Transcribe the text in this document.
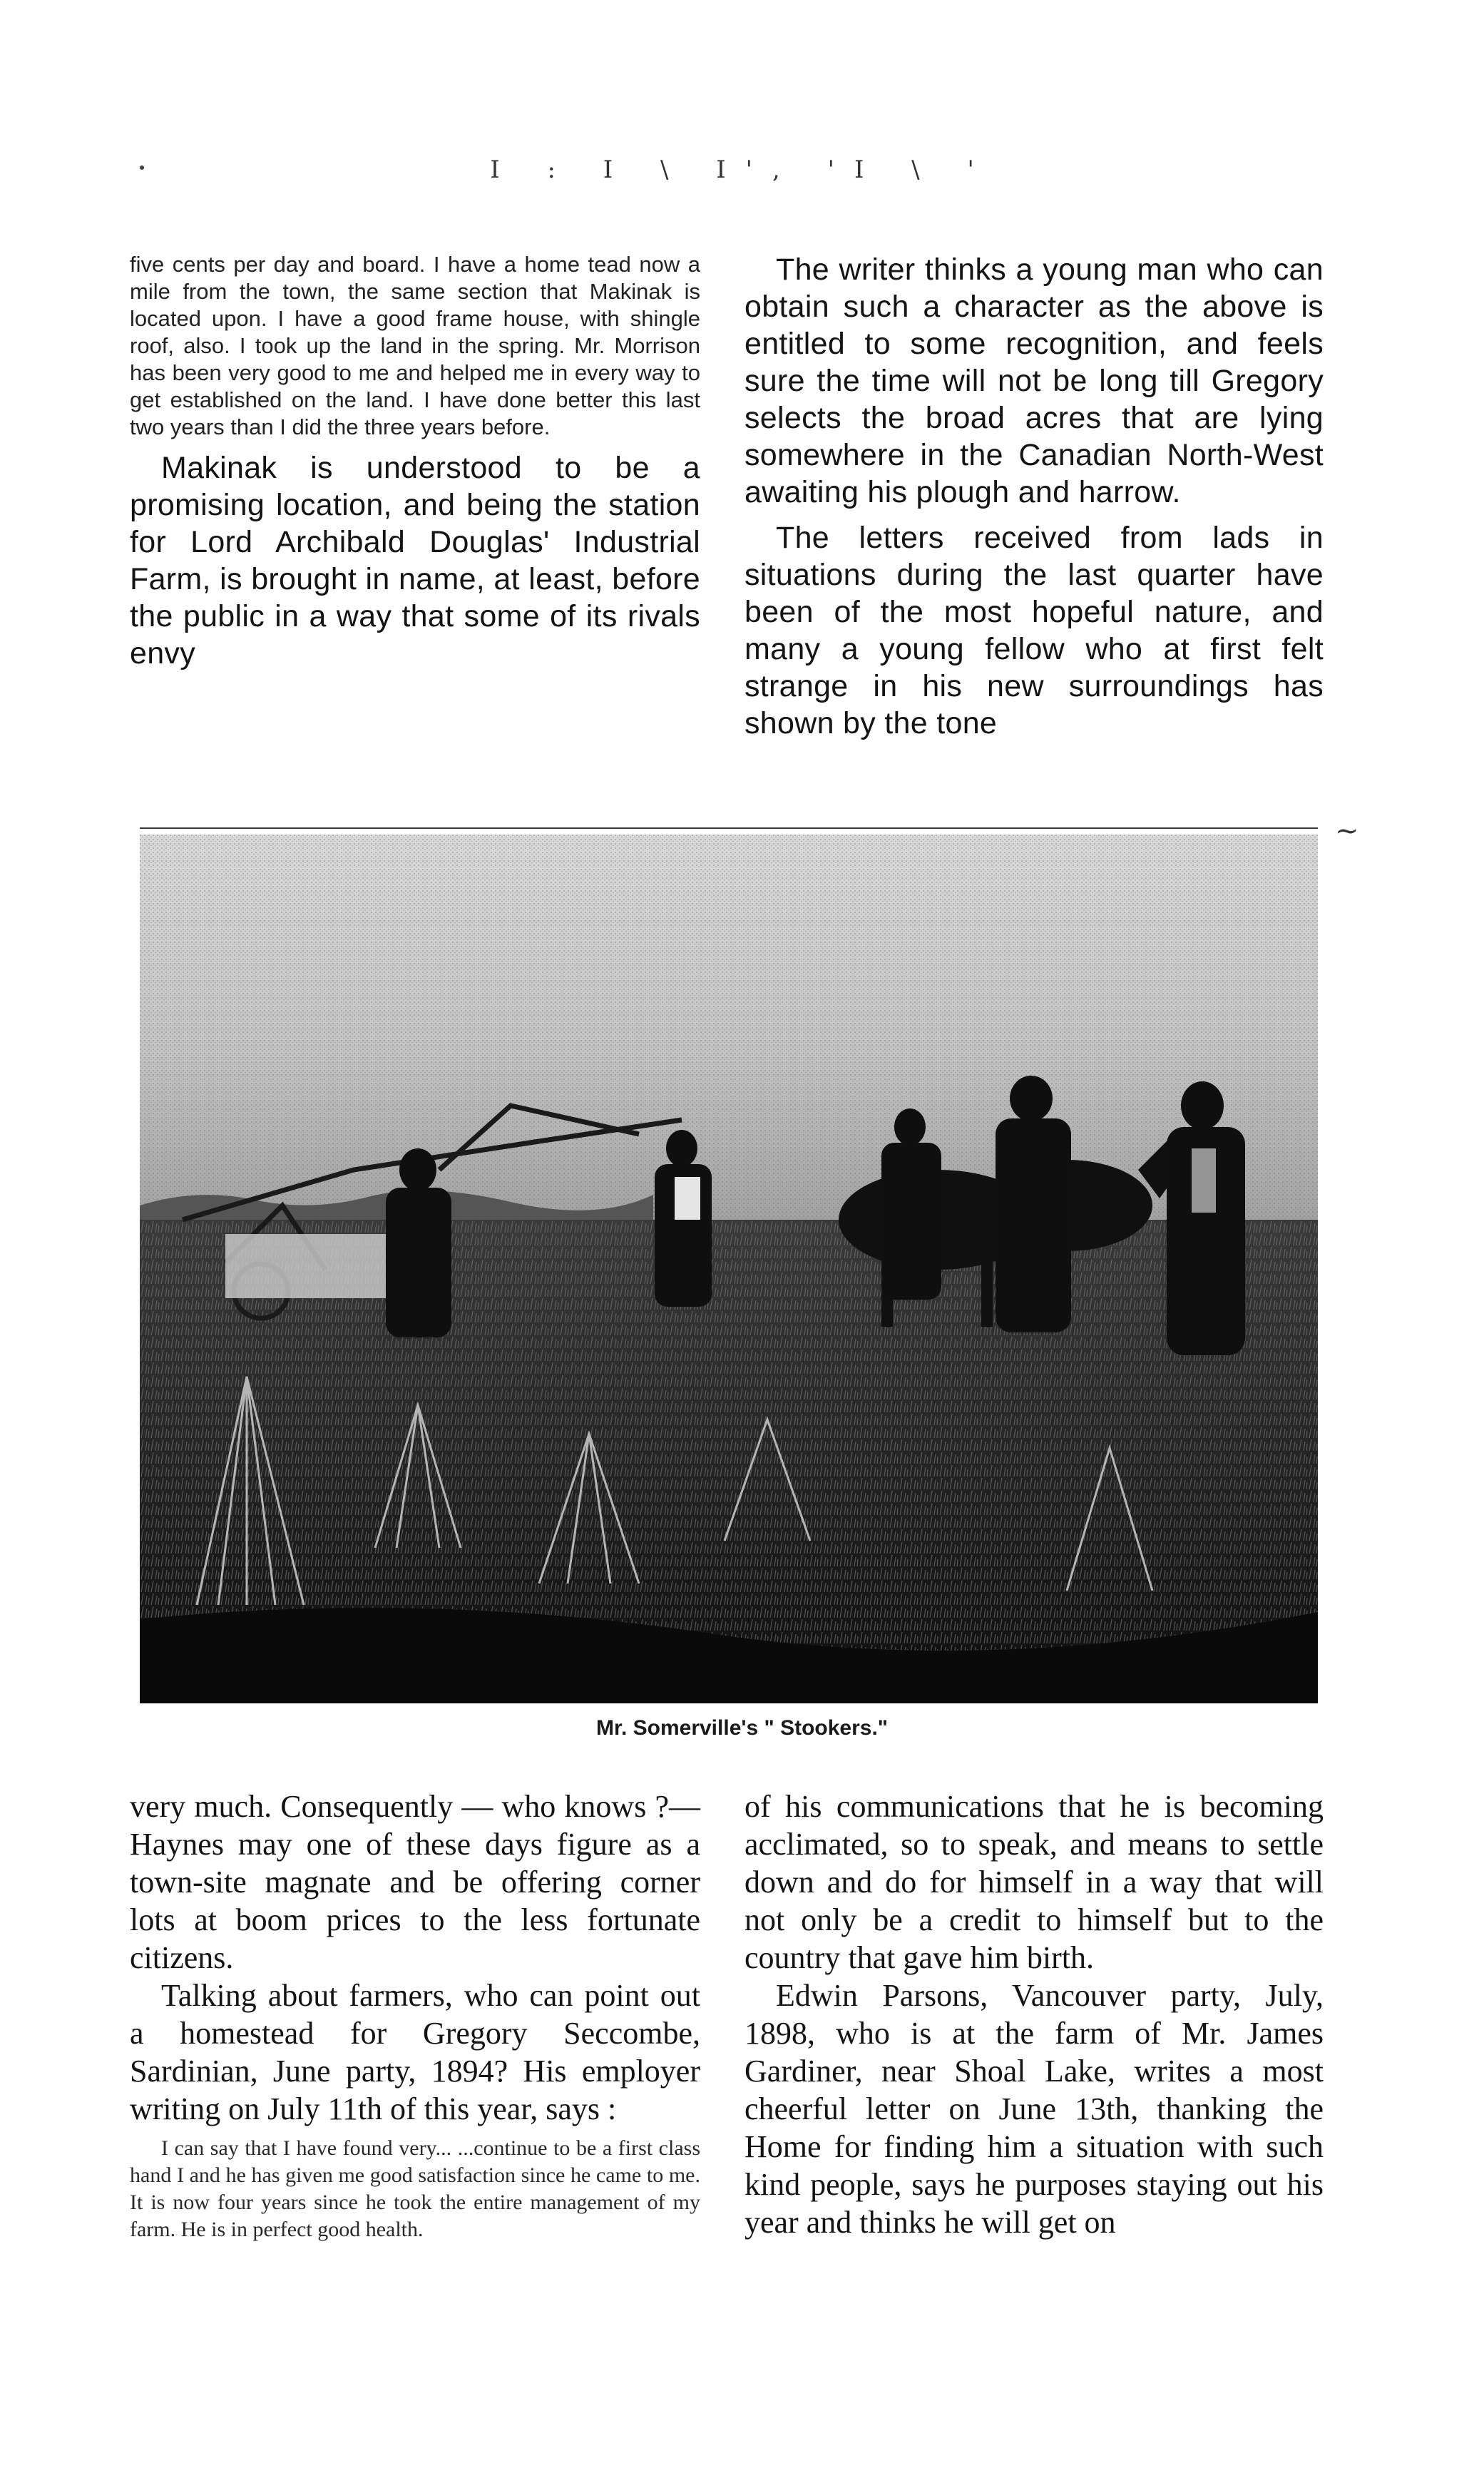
I : I \ I', 'I \ '

five cents per day and board. I have a home tead now a mile from the town, the same section that Makinak is located upon. I have a good frame house, with shingle roof, also. I took up the land in the spring. Mr. Morrison has been very good to me and helped me in every way to get established on the land. I have done better this last two years than I did the three years before.

Makinak is understood to be a promising location, and being the station for Lord Archibald Douglas' Industrial Farm, is brought in name, at least, before the public in a way that some of its rivals envy

The writer thinks a young man who can obtain such a character as the above is entitled to some recognition, and feels sure the time will not be long till Gregory selects the broad acres that are lying somewhere in the Canadian North-West awaiting his plough and harrow.

The letters received from lads in situations during the last quarter have been of the most hopeful nature, and many a young fellow who at first felt strange in his new surroundings has shown by the tone

~
Mr. Somerville's " Stookers."

very much. Consequently — who knows ?—Haynes may one of these days figure as a town-site magnate and be offering corner lots at boom prices to the less fortunate citizens.

Talking about farmers, who can point out a homestead for Gregory Seccombe, Sardinian, June party, 1894? His employer writing on July 11th of this year, says :

I can say that I have found very... ...continue to be a first class hand I and he has given me good satisfaction since he came to me. It is now four years since he took the entire management of my farm. He is in perfect good health.

of his communications that he is becoming acclimated, so to speak, and means to settle down and do for himself in a way that will not only be a credit to himself but to the country that gave him birth.

Edwin Parsons, Vancouver party, July, 1898, who is at the farm of Mr. James Gardiner, near Shoal Lake, writes a most cheerful letter on June 13th, thanking the Home for finding him a situation with such kind people, says he purposes staying out his year and thinks he will get on
